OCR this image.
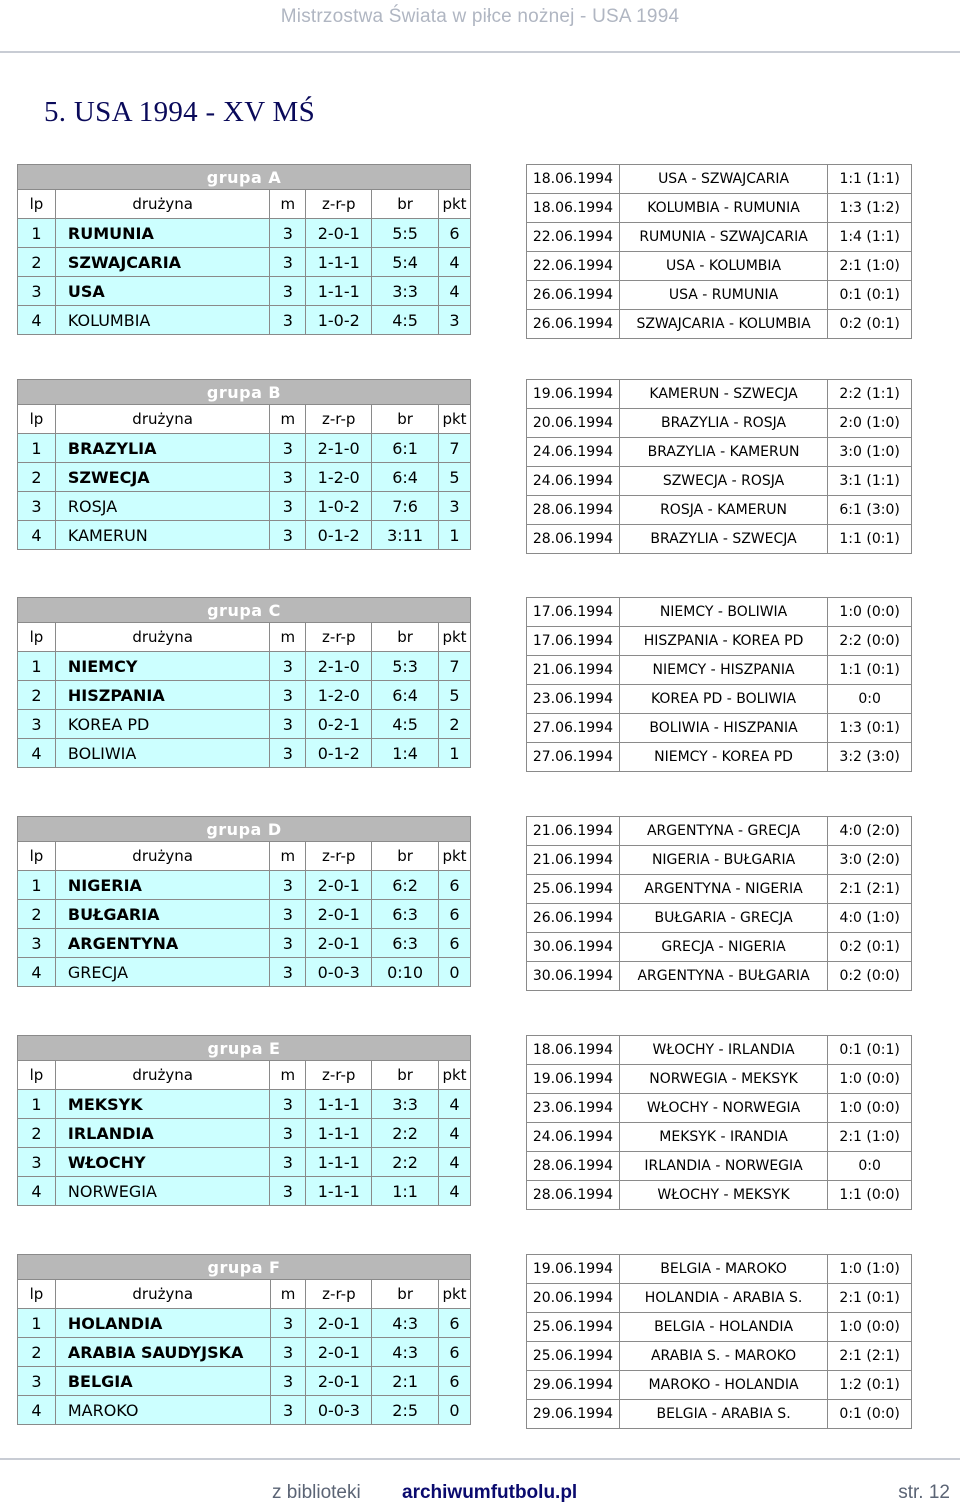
Mistrzostwa Świata w piłce nożnej - USA 1994
5. USA 1994 - XV MŚ
grupa A					
lp	drużyna	m	z-r-p	br	pkt
1	RUMUNIA	3	2-0-1	5:5	6
2	SZWAJCARIA	3	1-1-1	5:4	4
3	USA	3	1-1-1	3:3	4
4	KOLUMBIA	3	1-0-2	4:5	3
18.06.1994	USA - SZWAJCARIA	1:1 (1:1)
18.06.1994	KOLUMBIA - RUMUNIA	1:3 (1:2)
22.06.1994	RUMUNIA - SZWAJCARIA	1:4 (1:1)
22.06.1994	USA - KOLUMBIA	2:1 (1:0)
26.06.1994	USA - RUMUNIA	0:1 (0:1)
26.06.1994	SZWAJCARIA - KOLUMBIA	0:2 (0:1)
grupa B					
lp	drużyna	m	z-r-p	br	pkt
1	BRAZYLIA	3	2-1-0	6:1	7
2	SZWECJA	3	1-2-0	6:4	5
3	ROSJA	3	1-0-2	7:6	3
4	KAMERUN	3	0-1-2	3:11	1
19.06.1994	KAMERUN - SZWECJA	2:2 (1:1)
20.06.1994	BRAZYLIA - ROSJA	2:0 (1:0)
24.06.1994	BRAZYLIA - KAMERUN	3:0 (1:0)
24.06.1994	SZWECJA - ROSJA	3:1 (1:1)
28.06.1994	ROSJA - KAMERUN	6:1 (3:0)
28.06.1994	BRAZYLIA - SZWECJA	1:1 (0:1)
grupa C					
lp	drużyna	m	z-r-p	br	pkt
1	NIEMCY	3	2-1-0	5:3	7
2	HISZPANIA	3	1-2-0	6:4	5
3	KOREA PD	3	0-2-1	4:5	2
4	BOLIWIA	3	0-1-2	1:4	1
17.06.1994	NIEMCY - BOLIWIA	1:0 (0:0)
17.06.1994	HISZPANIA - KOREA PD	2:2 (0:0)
21.06.1994	NIEMCY - HISZPANIA	1:1 (0:1)
23.06.1994	KOREA PD - BOLIWIA	0:0
27.06.1994	BOLIWIA - HISZPANIA	1:3 (0:1)
27.06.1994	NIEMCY - KOREA PD	3:2 (3:0)
grupa D					
lp	drużyna	m	z-r-p	br	pkt
1	NIGERIA	3	2-0-1	6:2	6
2	BUŁGARIA	3	2-0-1	6:3	6
3	ARGENTYNA	3	2-0-1	6:3	6
4	GRECJA	3	0-0-3	0:10	0
21.06.1994	ARGENTYNA - GRECJA	4:0 (2:0)
21.06.1994	NIGERIA - BUŁGARIA	3:0 (2:0)
25.06.1994	ARGENTYNA - NIGERIA	2:1 (2:1)
26.06.1994	BUŁGARIA - GRECJA	4:0 (1:0)
30.06.1994	GRECJA - NIGERIA	0:2 (0:1)
30.06.1994	ARGENTYNA - BUŁGARIA	0:2 (0:0)
grupa E					
lp	drużyna	m	z-r-p	br	pkt
1	MEKSYK	3	1-1-1	3:3	4
2	IRLANDIA	3	1-1-1	2:2	4
3	WŁOCHY	3	1-1-1	2:2	4
4	NORWEGIA	3	1-1-1	1:1	4
18.06.1994	WŁOCHY - IRLANDIA	0:1 (0:1)
19.06.1994	NORWEGIA - MEKSYK	1:0 (0:0)
23.06.1994	WŁOCHY - NORWEGIA	1:0 (0:0)
24.06.1994	MEKSYK - IRANDIA	2:1 (1:0)
28.06.1994	IRLANDIA - NORWEGIA	0:0
28.06.1994	WŁOCHY - MEKSYK	1:1 (0:0)
grupa F					
lp	drużyna	m	z-r-p	br	pkt
1	HOLANDIA	3	2-0-1	4:3	6
2	ARABIA SAUDYJSKA	3	2-0-1	4:3	6
3	BELGIA	3	2-0-1	2:1	6
4	MAROKO	3	0-0-3	2:5	0
19.06.1994	BELGIA - MAROKO	1:0 (1:0)
20.06.1994	HOLANDIA - ARABIA S.	2:1 (0:1)
25.06.1994	BELGIA - HOLANDIA	1:0 (0:0)
25.06.1994	ARABIA S. - MAROKO	2:1 (2:1)
29.06.1994	MAROKO - HOLANDIA	1:2 (0:1)
29.06.1994	BELGIA - ARABIA S.	0:1 (0:0)
z biblioteki archiwumfutbolu.pl	str. 12
